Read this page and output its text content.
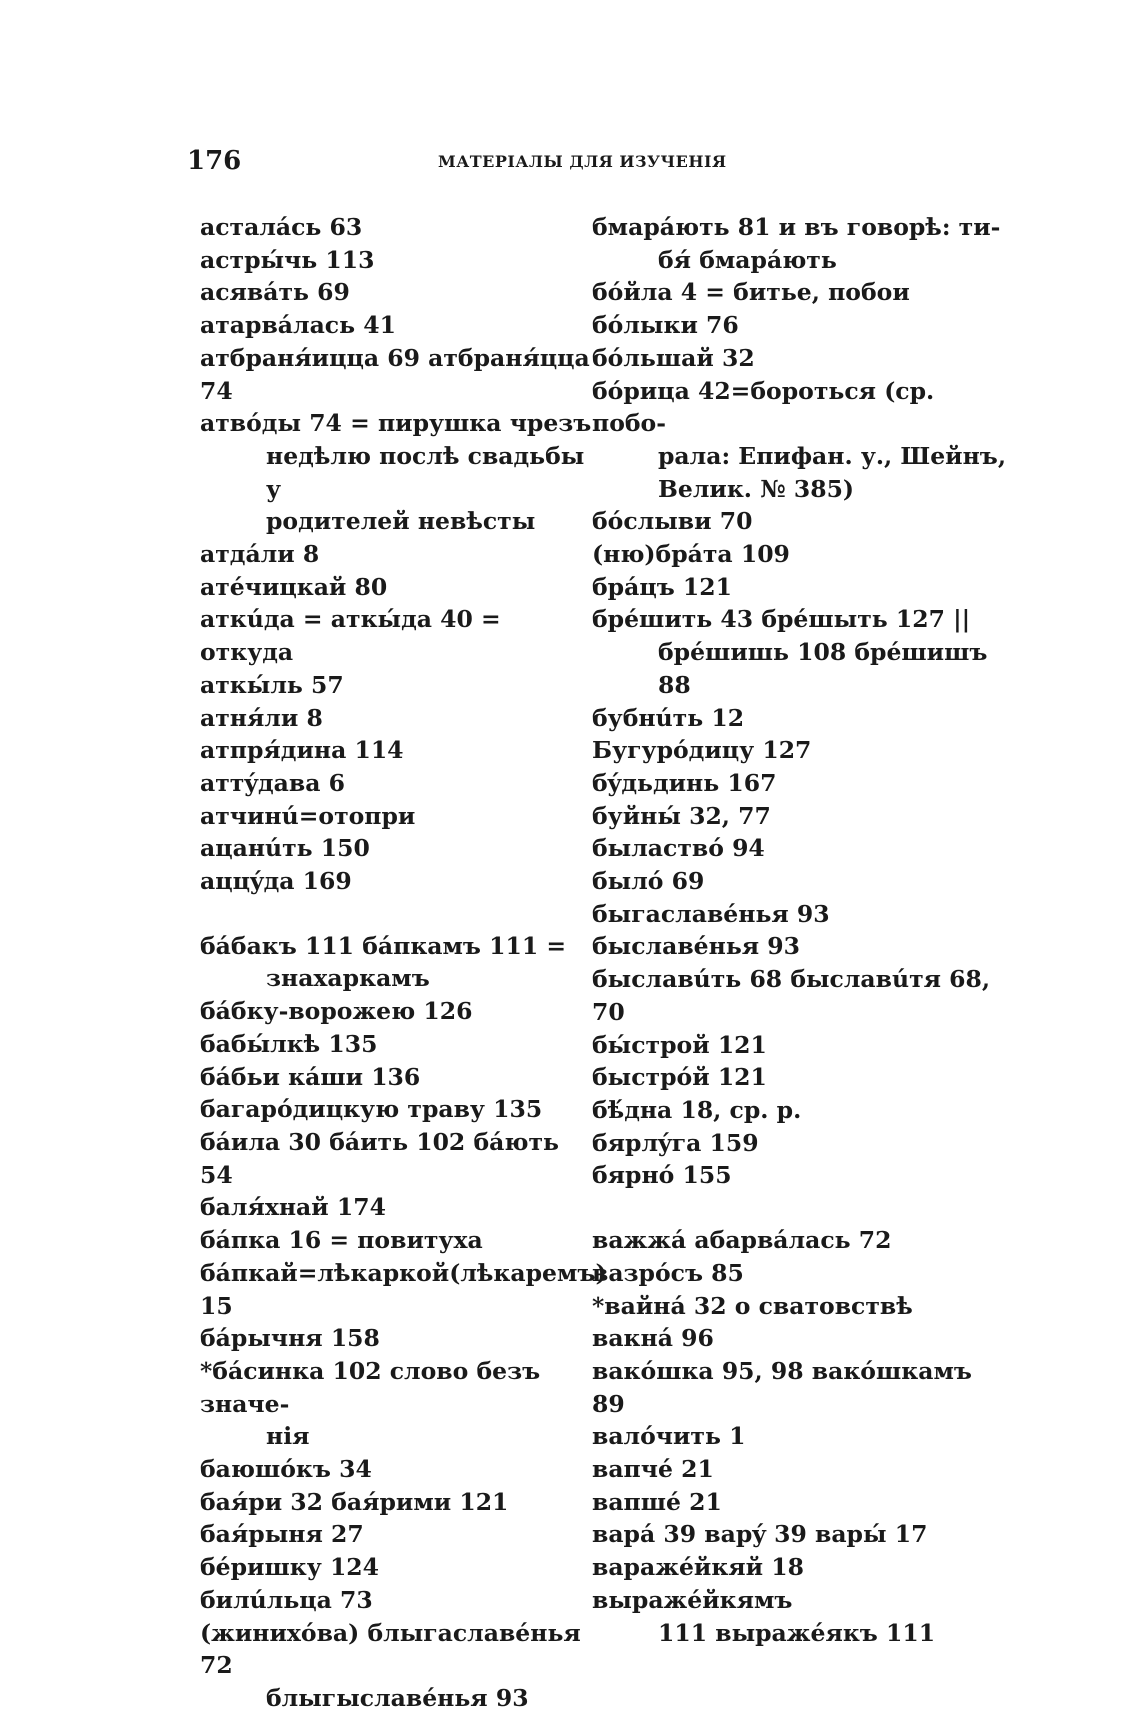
176	МАТЕРІАЛЫ ДЛЯ ИЗУЧЕНІЯ
асталáсь 63
астры́чь 113
асявáть 69
атарвáлась 41
атбраня́ицца 69 атбраня́цца 74
атвóды 74 = пирушка чрезъ
недѣлю послѣ свадьбы у
родителей невѣсты
атдáли 8
атéчицкай 80
аткúда = аткы́да 40 = откуда
аткы́ль 57
атня́ли 8
атпря́дина 114
аттýдава 6
атчинú=отопри
ацанúть 150
аццýда 169
бáбакъ 111 бáпкамъ 111 =
знахаркамъ
бáбку-ворожею 126
бабы́лкѣ 135
бáбьи кáши 136
багарóдицкую траву 135
бáила 30 бáить 102 бáють 54
баля́хнай 174
бáпка 16 = повитуха
бáпкай=лѣкаркой(лѣкаремъ) 15
бáрычня 158
*бáсинка 102 слово безъ значе-
нія
баюшóкъ 34
бая́ри 32 бая́рими 121
бая́рыня 27
бéришку 124
билúльца 73
(жинихóва) блыгаславéнья 72
блыгыславéнья 93
бмарáють 81 и въ говорѣ: ти-
бя́ бмарáють
бóйла 4 = битье, побои
бóлыки 76
бóльшай 32
бóрица 42=бороться (ср. побо-
рала: Епифан. у., Шейнъ,
Велик. № 385)
бóслыви 70
(ню)брáта 109
брáцъ 121
брéшить 43 брéшыть 127 ||
брéшишь 108 брéшишъ 88
бубнúть 12
Бугурóдицу 127
бýдьдинь 167
буйны́ 32, 77
быластвó 94
былó 69
быгаславéнья 93
быславéнья 93
быславúть 68 быславúтя 68, 70
бы́строй 121
быстрóй 121
бѣ́дна 18, ср. р.
бярлýга 159
бярнó 155
важжá абарвáлась 72
вазрóсъ 85
*вайнá 32 о сватовствѣ
вакнá 96
вакóшка 95, 98 вакóшкамъ 89
валóчить 1
вапчé 21
вапшé 21
варá 39 варý 39 вары́ 17
варажéйкяй 18 выражéйкямъ
111 выражéякъ 111
